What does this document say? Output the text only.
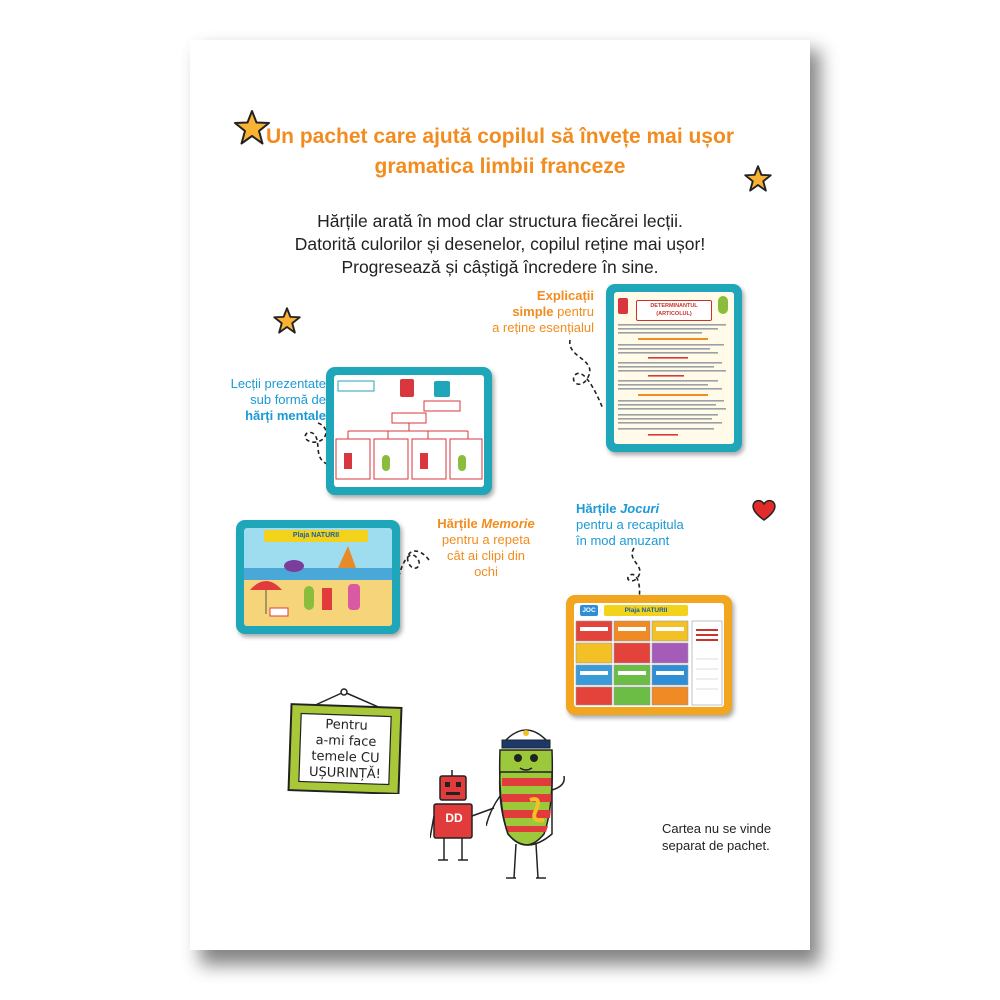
Un pachet care ajută copilul să învețe mai ușor
gramatica limbii franceze
Hărțile arată în mod clar structura fiecărei lecții.
Datorită culorilor și desenelor, copilul reține mai ușor!
Progresează și câștigă încredere în sine.
Explicații
simple pentru
a reține esențialul
Lecții prezentate
sub formă de
hărți mentale
Hărțile Memorie
pentru a repeta
cât ai clipi din
ochi
Hărțile Jocuri
pentru a recapitula
în mod amuzant
DETERMINANTUL (ARTICOLUL)
Plaja NATURII
JOC	Plaja NATURII
Pentru
a-mi face
temele CU
UȘURINȚĂ!
DD
Cartea nu se vinde
separat de pachet.
